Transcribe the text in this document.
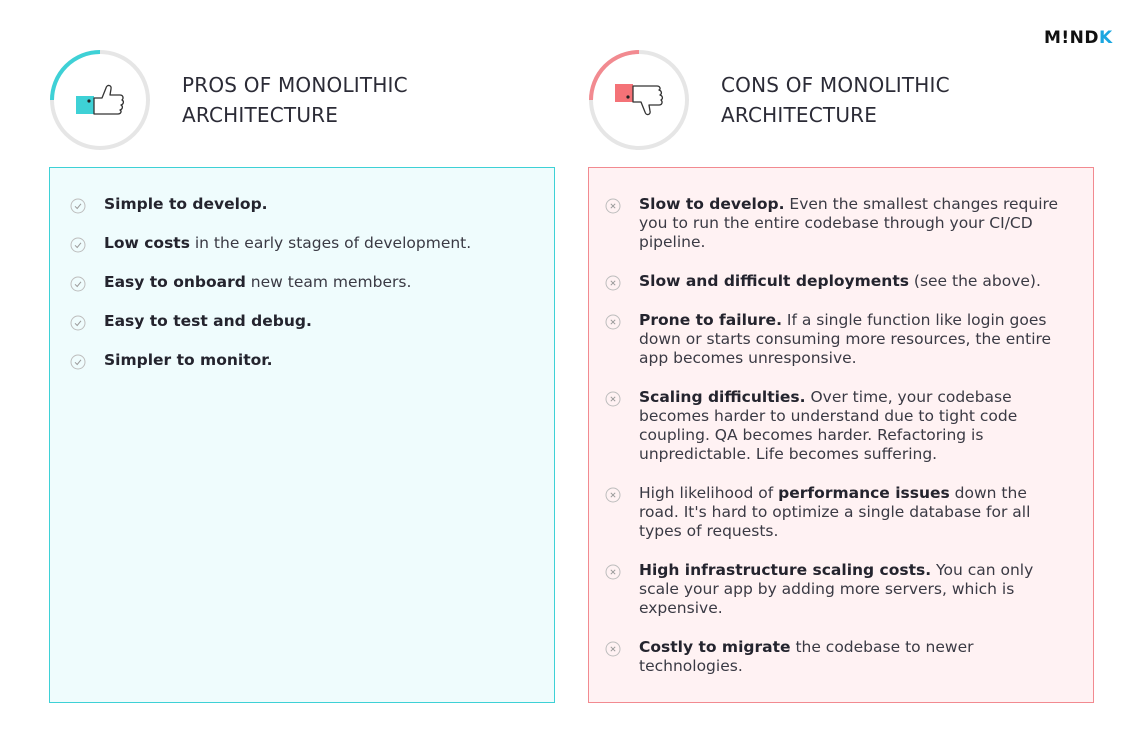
M!NDK
PROS OF MONOLITHIC ARCHITECTURE
CONS OF MONOLITHIC ARCHITECTURE
Simple to develop.
Low costs in the early stages of development.
Easy to onboard new team members.
Easy to test and debug.
Simpler to monitor.
Slow to develop. Even the smallest changes require you to run the entire codebase through your CI/CD pipeline.
Slow and difficult deployments (see the above).
Prone to failure. If a single function like login goes down or starts consuming more resources, the entire app becomes unresponsive.
Scaling difficulties. Over time, your codebase becomes harder to understand due to tight code coupling. QA becomes harder. Refactoring is unpredictable. Life becomes suffering.
High likelihood of performance issues down the road. It's hard to optimize a single database for all types of requests.
High infrastructure scaling costs. You can only scale your app by adding more servers, which is expensive.
Costly to migrate the codebase to newer technologies.
